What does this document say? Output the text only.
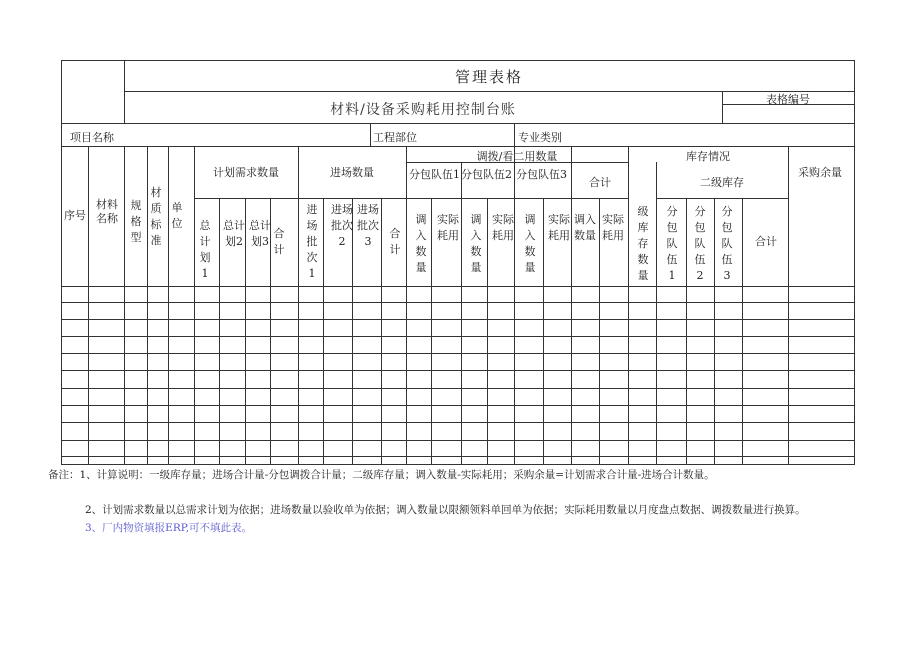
管理表格
材料/设备采购耗用控制台账
表格编号
项目名称	工程部位	专业类别
序号
材料名称
规格型
材质标准
单位
计划需求数量
总计划1
总计划2
总计划3
合计
进场数量
进场批次1
进场批次2
进场批次3
合计
调拨/看二用数量
分包队伍1 分包队伍2 分包队伍3
合计
调入数量
实际耗用
调入数量
实际耗用
调入数量
实际耗用
调入数量
实际耗用
库存情况
级库存数量
二级库存
分包队伍1
分包队伍2
分包队伍3
合计
采购余量
备注：1、计算说明：一级库存量；进场合计量-分包调拨合计量；二级库存量；调入数量-实际耗用；采购余量=计划需求合计量-进场合计数量。
2、计划需求数量以总需求计划为依据；进场数量以验收单为依据；调入数量以限额领料单回单为依据；实际耗用数量以月度盘点数据、调拨数量进行换算。
3、厂内物资填报ERP,可不填此表。
